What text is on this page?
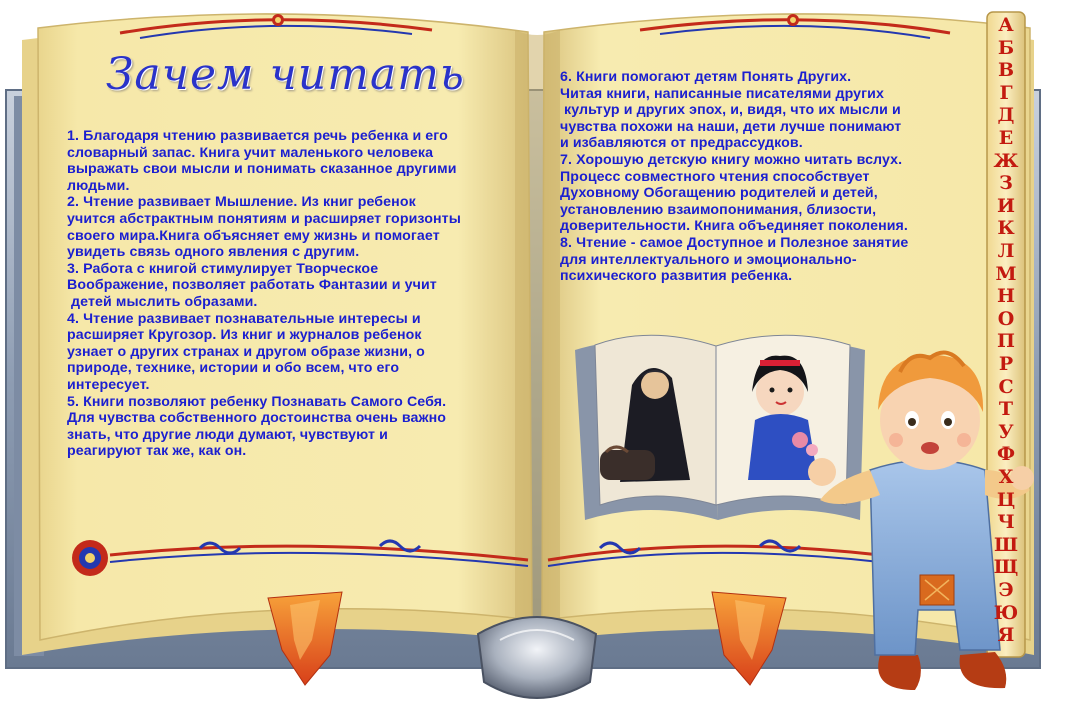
Зачем читать
1. Благодаря чтению развивается речь ребенка и его
словарный запас. Книга учит маленького человека
выражать свои мысли и понимать сказанное другими
людьми.
2. Чтение развивает Мышление. Из книг ребенок
учится абстрактным понятиям и расширяет горизонты
своего мира.Книга объясняет ему жизнь и помогает
увидеть связь одного явления с другим.
3. Работа с книгой стимулирует Творческое
Воображение, позволяет работать Фантазии и учит
детей мыслить образами.
4. Чтение развивает познавательные интересы и
расширяет Кругозор. Из книг и журналов ребенок
узнает о других странах и другом образе жизни, о
природе, технике, истории и обо всем, что его
интересует.
5. Книги позволяют ребенку Познавать Самого Себя.
Для чувства собственного достоинства очень важно
знать, что другие люди думают, чувствуют и
реагируют так же, как он.
6. Книги помогают детям Понять Других.
Читая книги, написанные писателями других
культур и других эпох, и, видя, что их мысли и
чувства похожи на наши, дети лучше понимают
и избавляются от предрассудков.
7. Хорошую детскую книгу можно читать вслух.
Процесс совместного чтения способствует
Духовному Обогащению родителей и детей,
установлению взаимопонимания, близости,
доверительности. Книга объединяет поколения.
8. Чтение - самое Доступное и Полезное занятие
для интеллектуального и эмоционально-
психического развития ребенка.
А
Б
В
Г
Д
Е
Ж
З
И
К
Л
М
Н
О
П
Р
С
Т
У
Ф
Х
Ц
Ч
Ш
Щ
Э
Ю
Я
